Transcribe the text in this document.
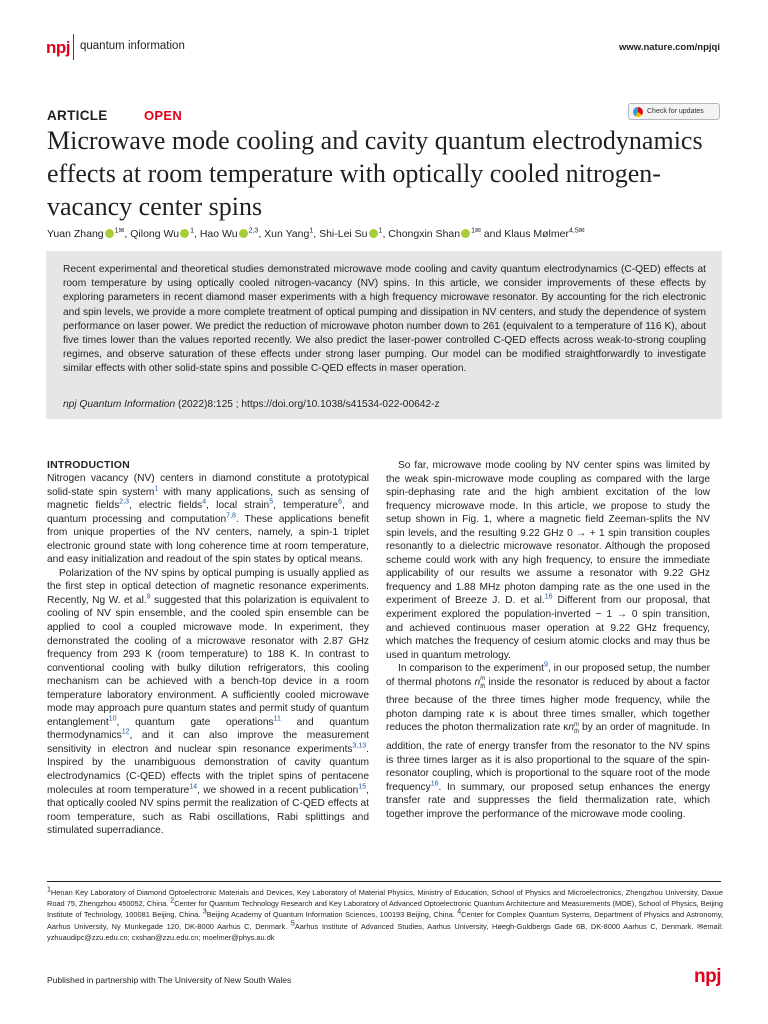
npj quantum information	www.nature.com/npjqi
ARTICLE	OPEN	Check for updates
Microwave mode cooling and cavity quantum electrodynamics effects at room temperature with optically cooled nitrogen-vacancy center spins
Yuan Zhang $^{1✉}$, Qilong Wu $^1$, Hao Wu $^{2,3}$, Xun Yang$^1$, Shi-Lei Su $^1$, Chongxin Shan $^{1✉}$ and Klaus Mølmer$^{4,5✉}$
Recent experimental and theoretical studies demonstrated microwave mode cooling and cavity quantum electrodynamics (C-QED) effects at room temperature by using optically cooled nitrogen-vacancy (NV) spins. In this article, we consider improvements of these effects by exploring parameters in recent diamond maser experiments with a high frequency microwave resonator. By accounting for the rich electronic and spin levels, we provide a more complete treatment of optical pumping and dissipation in NV centers, and study the dependence of system performance on laser power. We predict the reduction of microwave photon number down to 261 (equivalent to a temperature of 116 K), about five times lower than the values reported recently. We also predict the laser-power controlled C-QED effects across weak-to-strong coupling regimes, and observe saturation of these effects under strong laser pumping. Our model can be modified straightforwardly to investigate similar effects with other solid-state spins and possible C-QED effects in maser operation.
npj Quantum Information (2022)8:125 ; https://doi.org/10.1038/s41534-022-00642-z
INTRODUCTION

Nitrogen vacancy (NV) centers in diamond constitute a prototypical solid-state spin system$^1$ with many applications, such as sensing of magnetic fields$^{2,3}$, electric fields$^4$, local strain$^5$, temperature$^6$, and quantum processing and computation$^{7,8}$. These applications benefit from unique properties of the NV centers, namely, a spin-1 triplet electronic ground state with long coherence time at room temperature, and easy initialization and readout of the spin states by optical means.

Polarization of the NV spins by optical pumping is usually applied as the first step in optical detection of magnetic resonance experiments. Recently, Ng W. et al.$^9$ suggested that this polarization is equivalent to cooling of NV spin ensemble, and the cooled spin ensemble can be applied to cool a coupled microwave mode. In experiment, they demonstrated the cooling of a microwave resonator with 2.87 GHz frequency from 293 K (room temperature) to 188 K. In contrast to conventional cooling with bulky dilution refrigerators, this cooling mechanism can be achieved with a bench-top device in a room temperature laboratory environment. A sufficiently cooled microwave mode may approach pure quantum states and permit study of quantum entanglement$^{10}$, quantum gate operations$^{11}$ and quantum thermodynamics$^{12}$, and it can also improve the measurement sensitivity in electron and nuclear spin resonance experiments$^{3,13}$. Inspired by the unambiguous demonstration of cavity quantum electrodynamics (C-QED) effects with the triplet spins of pentacene molecules at room temperature$^{14}$, we showed in a recent publication$^{15}$, that optically cooled NV spins permit the realization of C-QED effects at room temperature, such as Rabi oscillations, Rabi splittings and stimulated superradiance.

So far, microwave mode cooling by NV center spins was limited by the weak spin-microwave mode coupling as compared with the large spin-dephasing rate and the high ambient excitation of the low frequency microwave mode. In this article, we propose to study the setup shown in Fig. 1, where a magnetic field Zeeman-splits the NV spin levels, and the resulting 9.22 GHz 0 → + 1 spin transition couples resonantly to a dielectric microwave resonator. Although the proposed scheme could work with any high frequency, to ensure the immediate applicability of our results we assume a resonator with 9.22 GHz frequency and 1.88 MHz photon damping rate as the one used in the experiment of Breeze J. D. et al.$^{16}$ Different from our proposal, that experiment explored the population-inverted − 1 → 0 spin transition, and achieved continuous maser operation at 9.22 GHz frequency, which matches the frequency of cesium atomic clocks and may thus be used in quantum metrology.

In comparison to the experiment$^9$, in our proposed setup, the number of thermal photons $n_{th}^m$ inside the resonator is reduced by about a factor three because of the three times higher mode frequency, while the photon damping rate κ is about three times smaller, which together reduces the photon thermalization rate $\kappa n_{th}^m$ by an order of magnitude. In addition, the rate of energy transfer from the resonator to the NV spins is three times larger as it is also proportional to the square of the spin-resonator coupling, which is proportional to the square root of the mode frequency$^{16}$. In summary, our proposed setup enhances the energy transfer rate and suppresses the field thermalization rate, which together improve the performance of the microwave mode cooling.

$^1$Henan Key Laboratory of Diamond Optoelectronic Materials and Devices, Key Laboratory of Material Physics, Ministry of Education, School of Physics and Microelectronics, Zhengzhou University, Daxue Road 75, Zhengzhou 450052, China. $^2$Center for Quantum Technology Research and Key Laboratory of Advanced Optoelectronic Quantum Architecture and Measurements (MOE), School of Physics, Beijing Institute of Technology, 100081 Beijing, China. $^3$Beijing Academy of Quantum Information Sciences, 100193 Beijing, China. $^4$Center for Complex Quantum Systems, Department of Physics and Astronomy, Aarhus University, Ny Munkegade 120, DK-8000 Aarhus C, Denmark. $^5$Aarhus Institute of Advanced Studies, Aarhus University, Høegh-Guldbergs Gade 6B, DK-8000 Aarhus C, Denmark. ✉email: yzhuaudipc@zzu.edu.cn; cxshan@zzu.edu.cn; moelmer@phys.au.dk
Published in partnership with The University of New South Wales	npj
